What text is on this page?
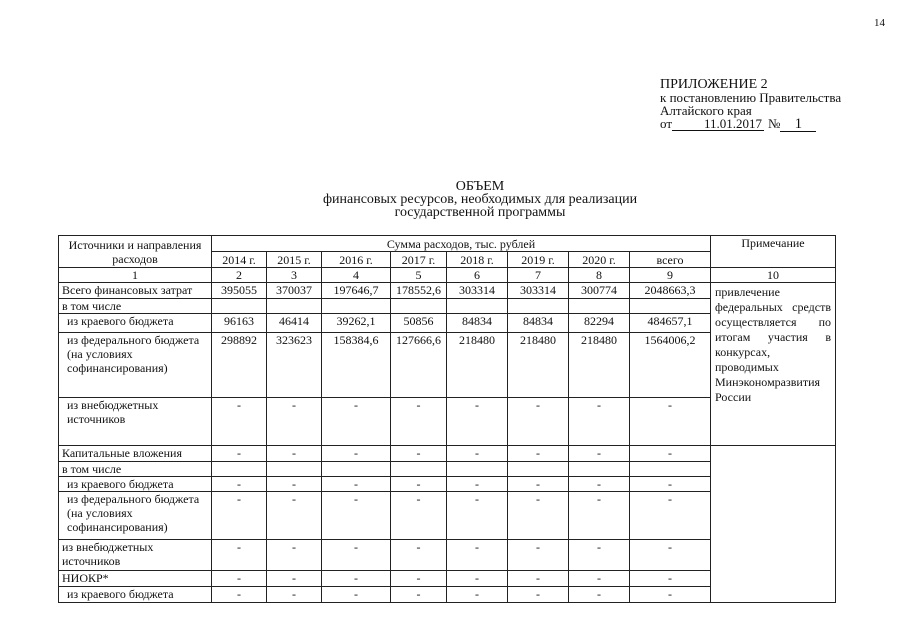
14
ПРИЛОЖЕНИЕ 2
к постановлению Правительства
Алтайского края
от	11.01.2017 № 1
ОБЪЕМ
финансовых ресурсов, необходимых для реализации
государственной программы
Источники и направления расходов	Сумма расходов, тыс. рублей								Примечание
	2014 г.	2015 г.	2016 г.	2017 г.	2018 г.	2019 г.	2020 г.	всего	
1	2	3	4	5	6	7	8	9	10
Всего финансовых затрат	395055	370037	197646,7	178552,6	303314	303314	300774	2048663,3	привлечение федеральных средств осуществляется по итогам участия в конкурсах, проводимых Минэкономразвития России
в том числе									
из краевого бюджета	96163	46414	39262,1	50856	84834	84834	82294	484657,1	
из федерального бюджета (на условиях софинансирования)	298892	323623	158384,6	127666,6	218480	218480	218480	1564006,2	
из внебюджетных источников	-	-	-	-	-	-	-	-	
Капитальные вложения	-	-	-	-	-	-	-	-	
в том числе									
из краевого бюджета	-	-	-	-	-	-	-	-	
из федерального бюджета (на условиях софинансирования)	-	-	-	-	-	-	-	-	
из внебюджетных источников	-	-	-	-	-	-	-	-	
НИОКР*	-	-	-	-	-	-	-	-	
из краевого бюджета	-	-	-	-	-	-	-	-	
